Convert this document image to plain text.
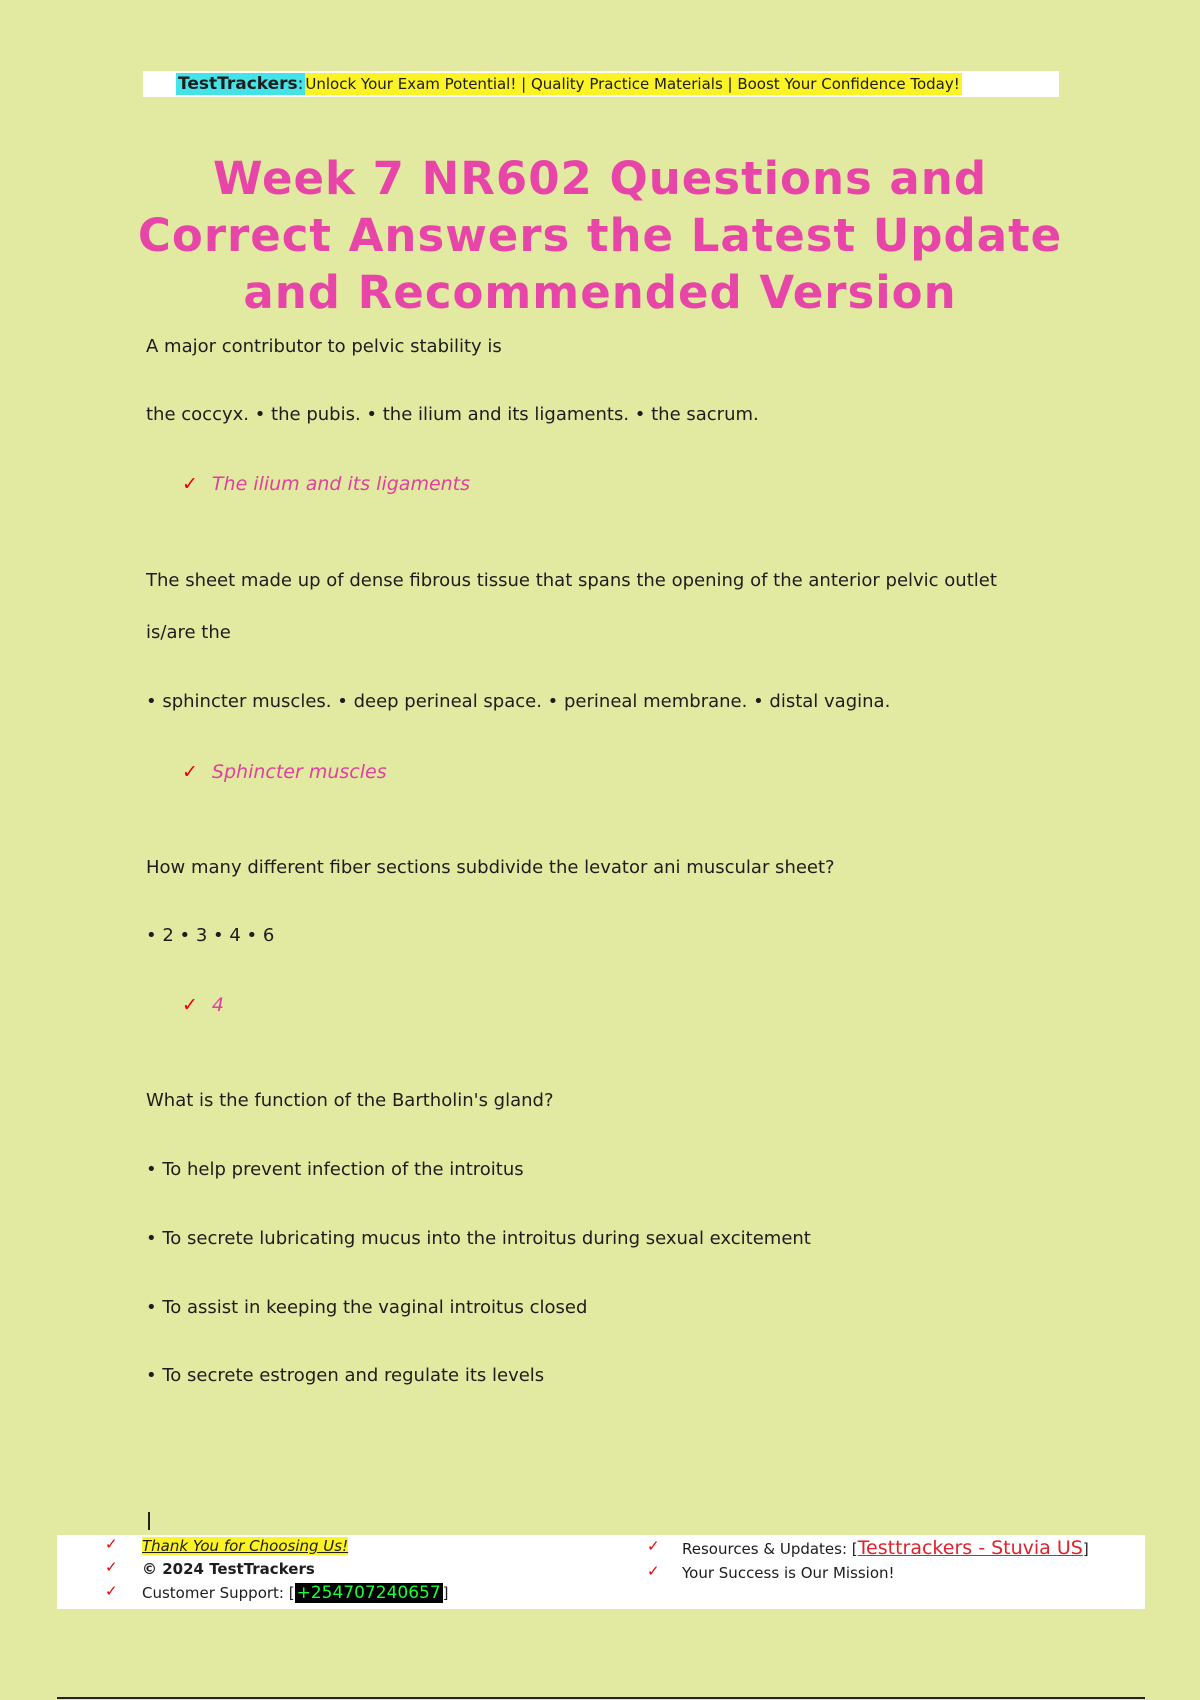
TestTrackers: Unlock Your Exam Potential! | Quality Practice Materials | Boost Your Confidence Today!
Week 7 NR602 Questions and Correct Answers the Latest Update and Recommended Version
A major contributor to pelvic stability is
the coccyx. • the pubis. • the ilium and its ligaments. • the sacrum.
✓ The ilium and its ligaments
The sheet made up of dense fibrous tissue that spans the opening of the anterior pelvic outlet
is/are the
• sphincter muscles. • deep perineal space. • perineal membrane. • distal vagina.
✓ Sphincter muscles
How many different fiber sections subdivide the levator ani muscular sheet?
• 2 • 3 • 4 • 6
✓ 4
What is the function of the Bartholin's gland?
• To help prevent infection of the introitus
• To secrete lubricating mucus into the introitus during sexual excitement
• To assist in keeping the vaginal introitus closed
• To secrete estrogen and regulate its levels
✓ Thank You for Choosing Us!
✓ © 2024 TestTrackers
✓ Customer Support: [ +254707240657 ]
✓ Resources & Updates: [Testtrackers - Stuvia US]
✓ Your Success is Our Mission!
